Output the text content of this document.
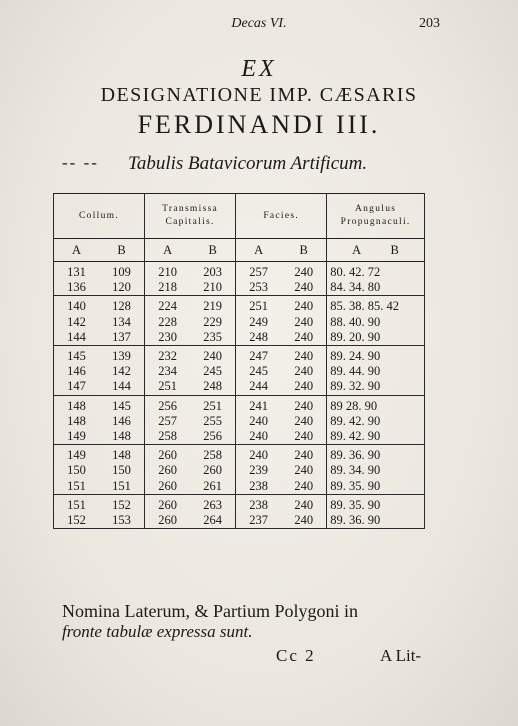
Decas VI.	203
EX
DESIGNATIONE IMP. CÆSARIS
FERDINANDI III.
-- -- Tabulis Batavicorum Artificum.
Collum.		Transmissa Capitalis.		Facies.		Angulus Propugnaculi.
A	B	A	B	A	B	A B
131	109	210	203	257	240	80. 42. 72
136	120	218	210	253	240	84. 34. 80
140	128	224	219	251	240	85. 38. 85. 42
142	134	228	229	249	240	88. 40. 90
144	137	230	235	248	240	89. 20. 90
145	139	232	240	247	240	89. 24. 90
146	142	234	245	245	240	89. 44. 90
147	144	251	248	244	240	89. 32. 90
148	145	256	251	241	240	89 28. 90
148	146	257	255	240	240	89. 42. 90
149	148	258	256	240	240	89. 42. 90
149	148	260	258	240	240	89. 36. 90
150	150	260	260	239	240	89. 34. 90
151	151	260	261	238	240	89. 35. 90
151	152	260	263	238	240	89. 35. 90
152	153	260	264	237	240	89. 36. 90
Nomina Laterum, & Partium Polygoni in
fronte tabulæ expressa sunt.
Cc 2	A Lit-
